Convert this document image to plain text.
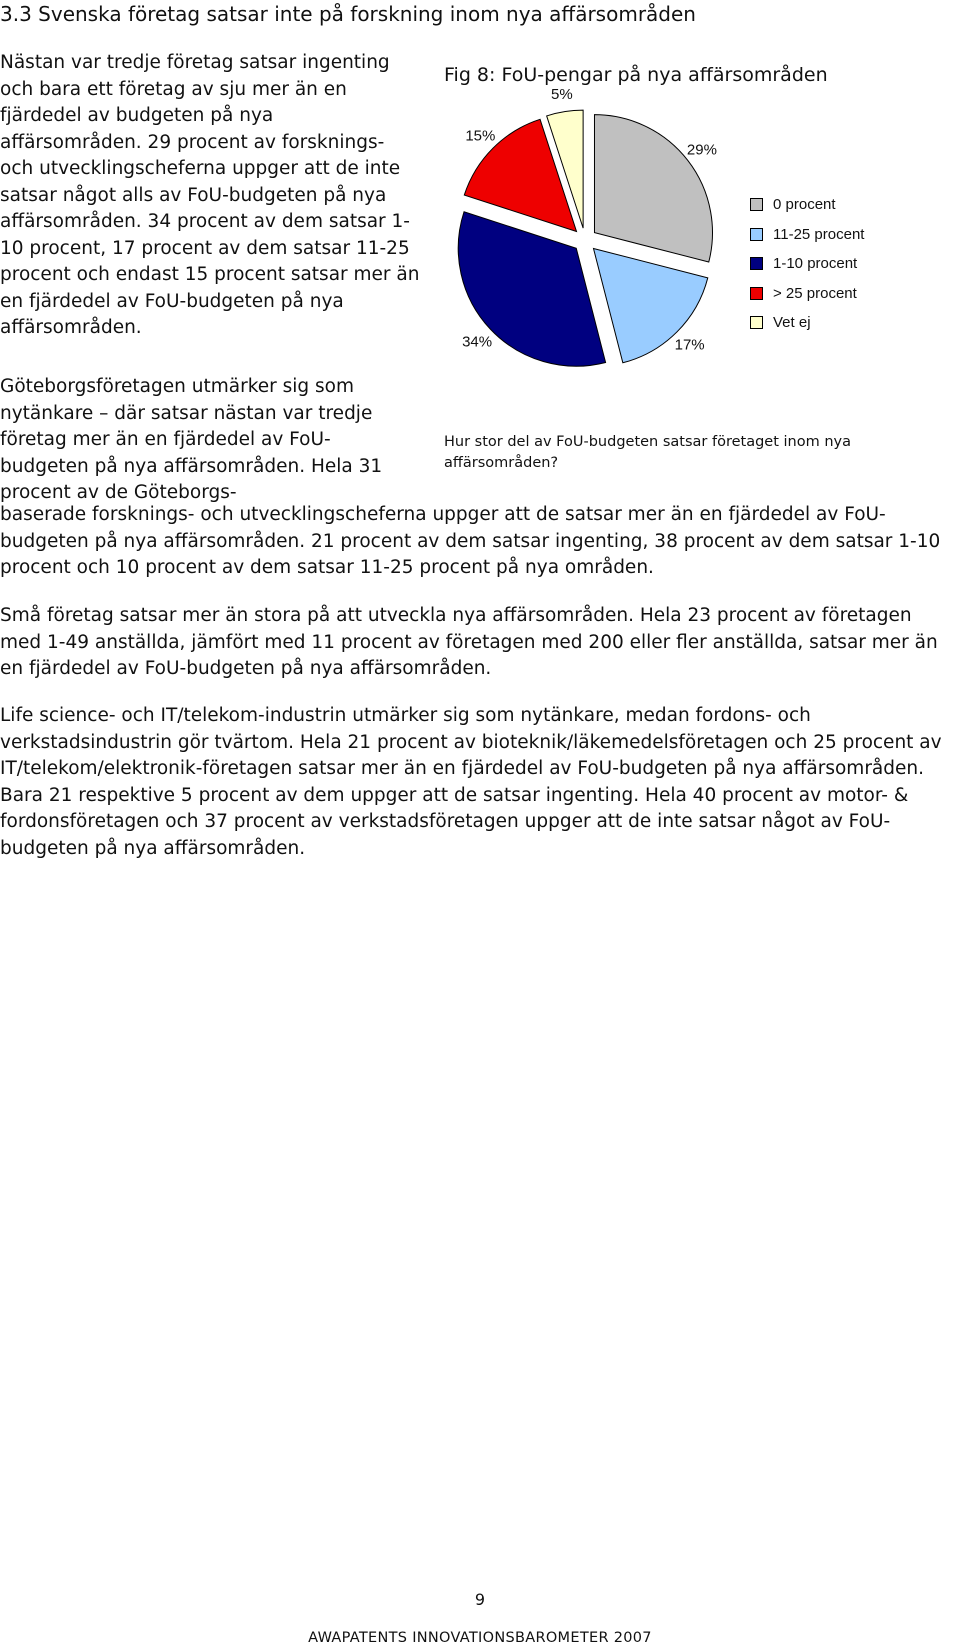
3.3 Svenska företag satsar inte på forskning inom nya affärsområden

Nästan var tredje företag satsar ingenting och bara ett företag av sju mer än en fjärdedel av budgeten på nya affärsområden. 29 procent av forsknings- och utvecklingscheferna uppger att de inte satsar något alls av FoU-budgeten på nya affärsområden. 34 procent av dem satsar 1-10 procent, 17 procent av dem satsar 11-25 procent och endast 15 procent satsar mer än en fjärdedel av FoU-budgeten på nya affärsområden.

Göteborgsföretagen utmärker sig som nytänkare – där satsar nästan var tredje företag mer än en fjärdedel av FoU-budgeten på nya affärsområden. Hela 31 procent av de Göteborgs-

baserade forsknings- och utvecklingscheferna uppger att de satsar mer än en fjärdedel av FoU-budgeten på nya affärsområden. 21 procent av dem satsar ingenting, 38 procent av dem satsar 1-10 procent och 10 procent av dem satsar 11-25 procent på nya områden.

Små företag satsar mer än stora på att utveckla nya affärsområden. Hela 23 procent av företagen med 1-49 anställda, jämfört med 11 procent av företagen med 200 eller fler anställda, satsar mer än en fjärdedel av FoU-budgeten på nya affärsområden.

Life science- och IT/telekom-industrin utmärker sig som nytänkare, medan fordons- och verkstadsindustrin gör tvärtom. Hela 21 procent av bioteknik/läkemedelsföretagen och 25 procent av IT/telekom/elektronik-företagen satsar mer än en fjärdedel av FoU-budgeten på nya affärsområden. Bara 21 respektive 5 procent av dem uppger att de satsar ingenting. Hela 40 procent av motor- & fordonsföretagen och 37 procent av verkstadsföretagen uppger att de inte satsar något av FoU-budgeten på nya affärsområden.

Fig 8: FoU-pengar på nya affärsområden
29%
17%
34%
15%
5%
0 procent
11-25 procent
1-10 procent
> 25 procent
Vet ej

Hur stor del av FoU-budgeten satsar företaget inom nya affärsområden?

9
AWAPATENTS INNOVATIONSBAROMETER 2007
